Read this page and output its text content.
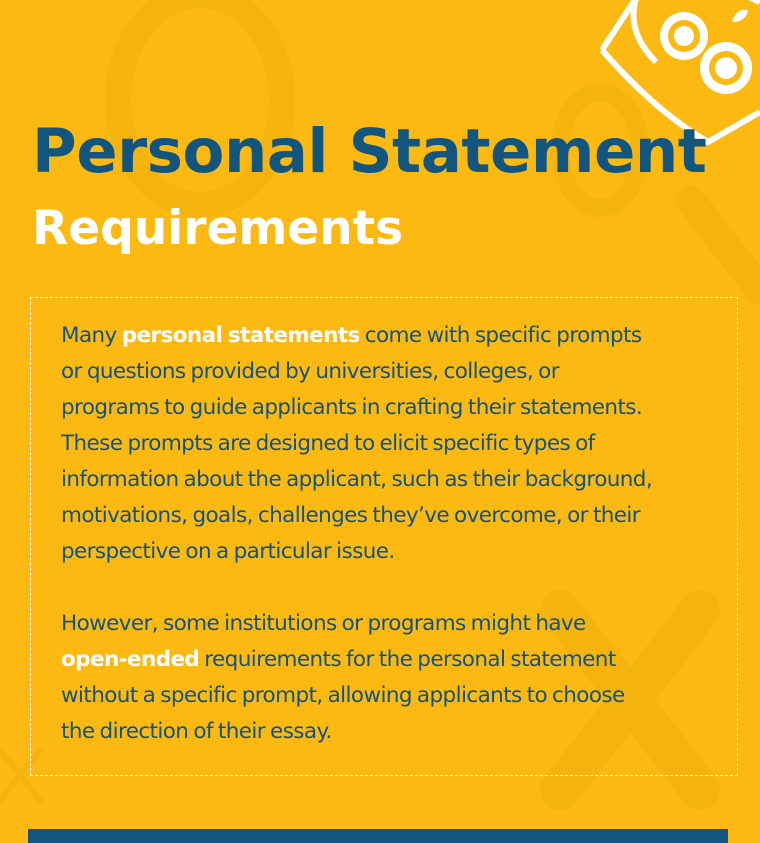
Personal Statement
Requirements

Many personal statements come with specific prompts
or questions provided by universities, colleges, or
programs to guide applicants in crafting their statements.
These prompts are designed to elicit specific types of
information about the applicant, such as their background,
motivations, goals, challenges they’ve overcome, or their
perspective on a particular issue.

However, some institutions or programs might have
open-ended requirements for the personal statement
without a specific prompt, allowing applicants to choose
the direction of their essay.
